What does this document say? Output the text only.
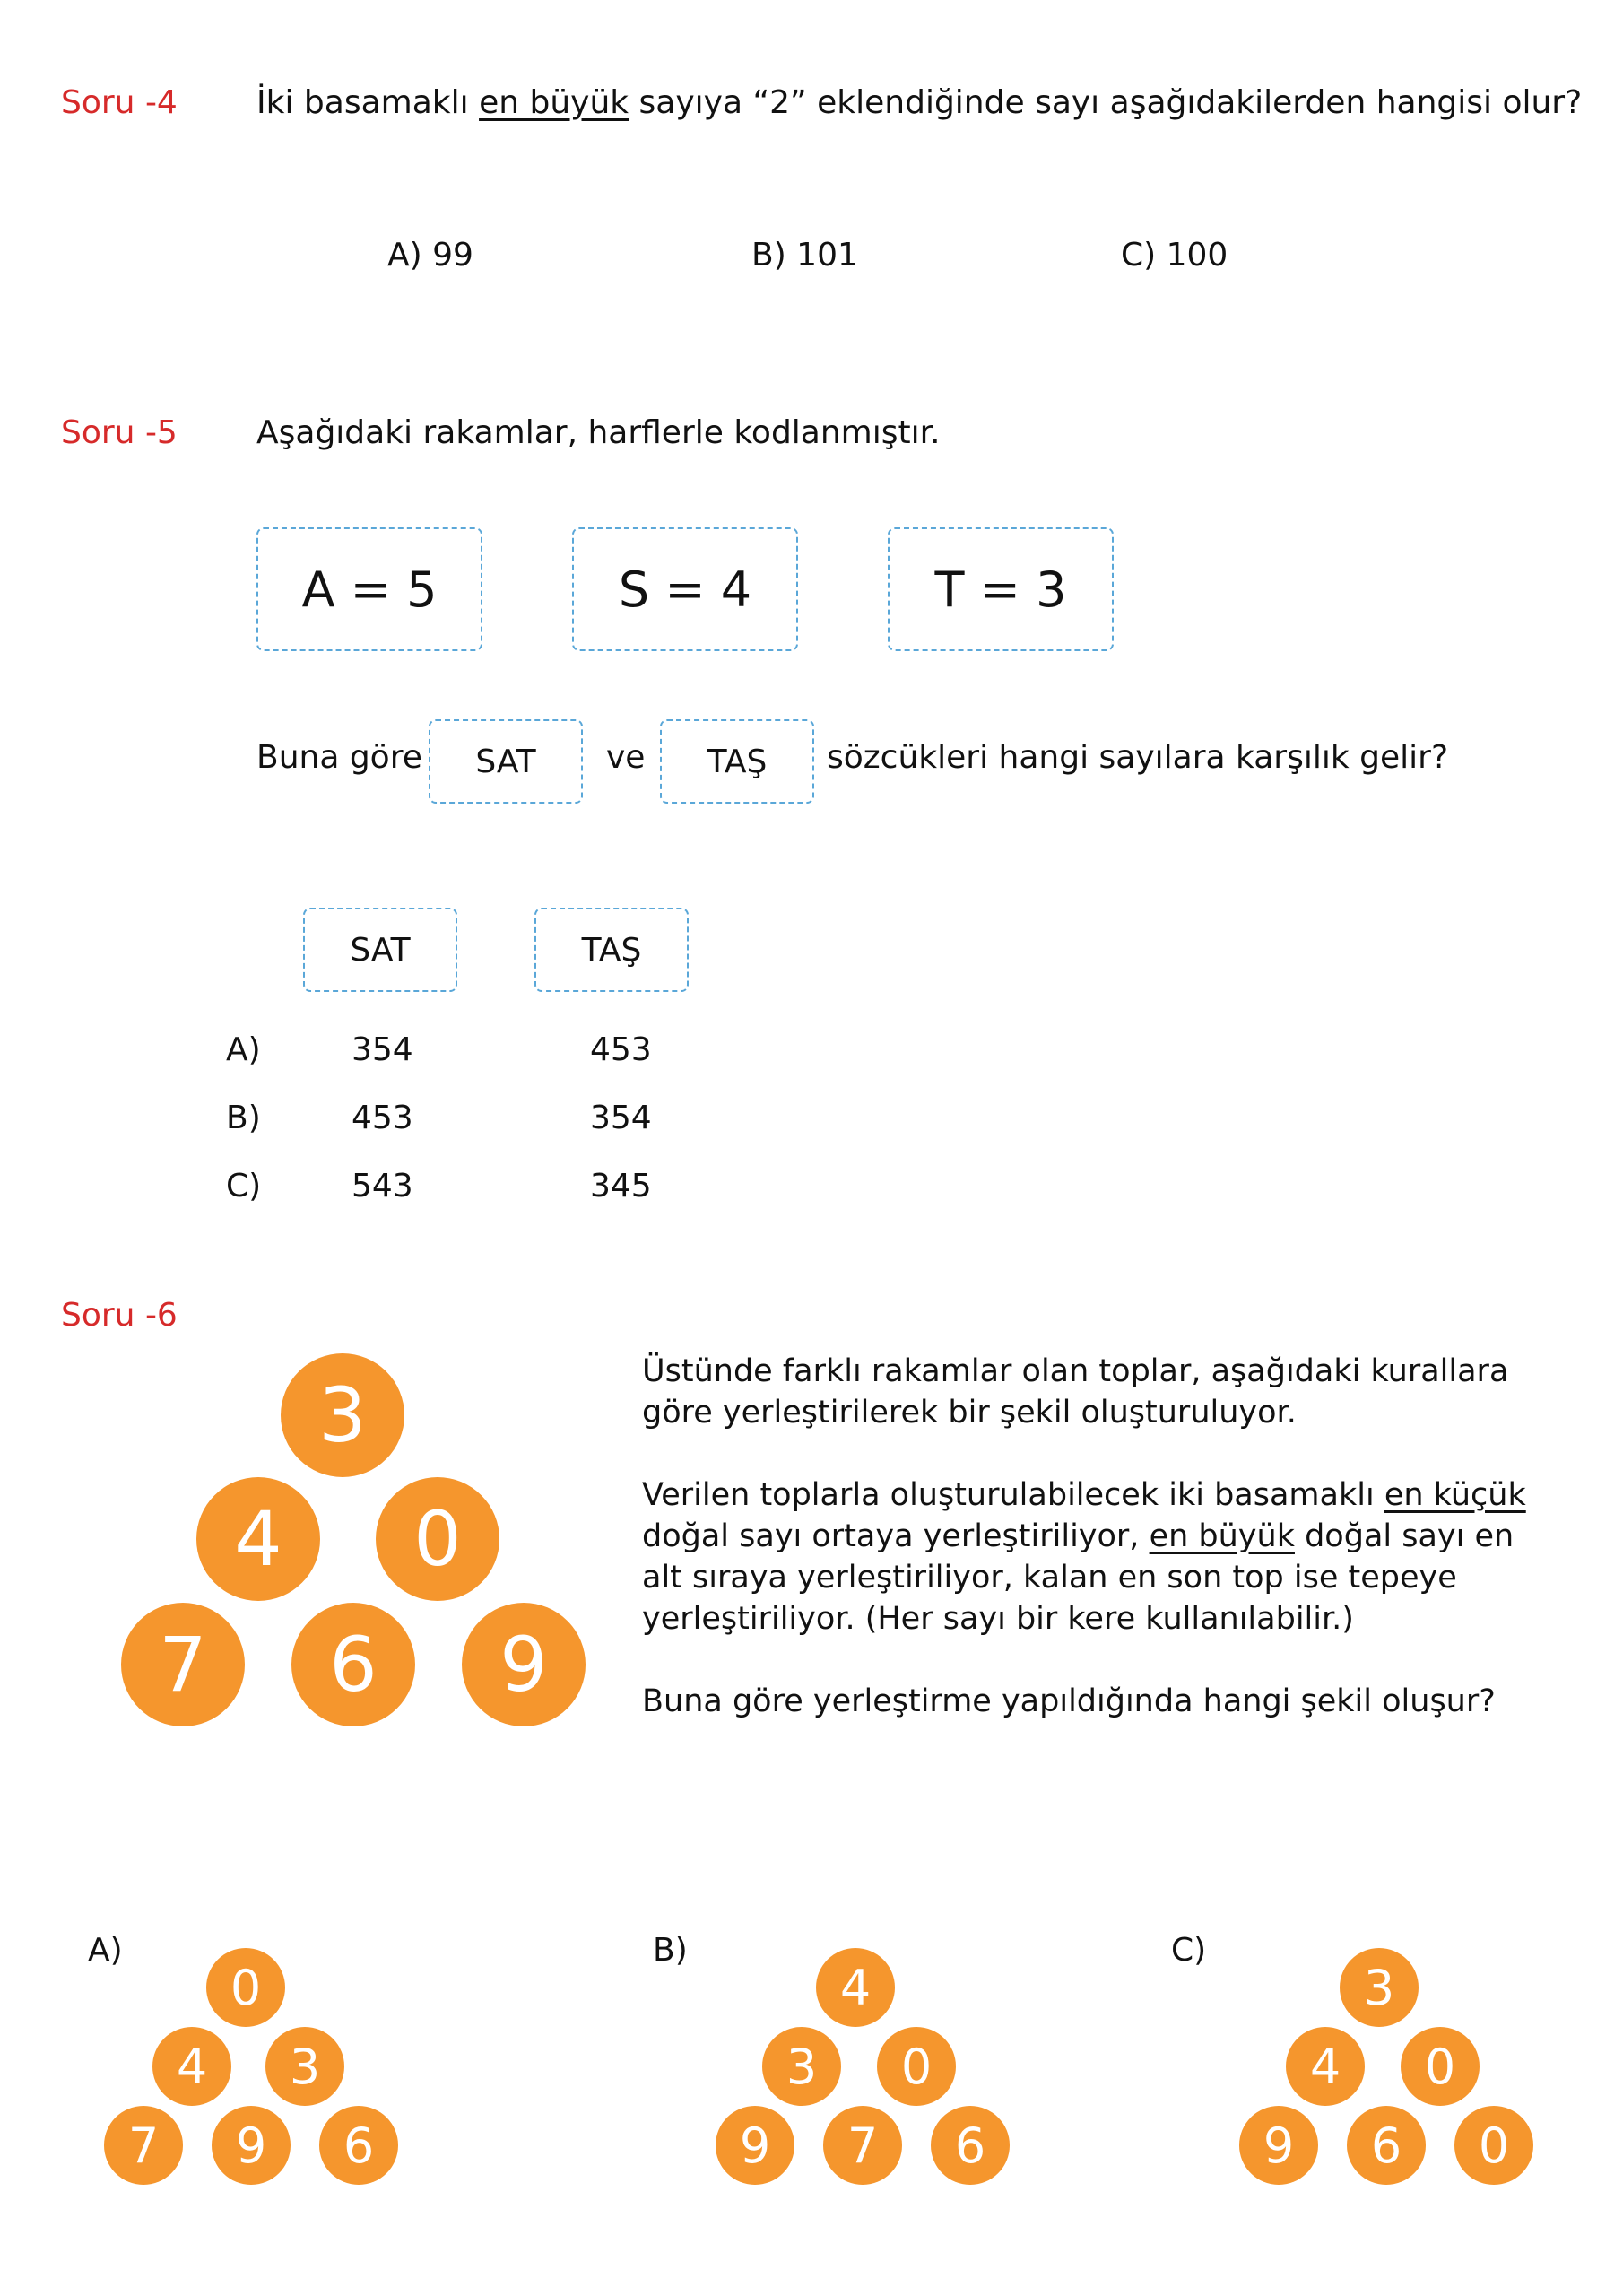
Soru -4 İki basamaklı en büyük sayıya “2” eklendiğinde sayı aşağıdakilerden hangisi olur?
A) 99	B) 101	C) 100
Soru -5 Aşağıdaki rakamlar, harflerle kodlanmıştır.
A = 5	S = 4	T = 3
Buna göre	SAT	ve	TAŞ	sözcükleri hangi sayılara karşılık gelir?
SAT	TAŞ
A)	354	453
B)	453	354
C)	543	345
Soru -6
3
4	0
7	6	9
Üstünde farklı rakamlar olan toplar, aşağıdaki kurallara göre yerleştirilerek bir şekil oluşturuluyor.
Verilen toplarla oluşturulabilecek iki basamaklı en küçük doğal sayı ortaya yerleştiriliyor, en büyük doğal sayı en alt sıraya yerleştiriliyor, kalan en son top ise tepeye yerleştiriliyor. (Her sayı bir kere kullanılabilir.)
Buna göre yerleştirme yapıldığında hangi şekil oluşur?
A)
0
4	3
7	9	6
B)
4
3	0
9	7	6
C)
3
4	0
9	6	0
